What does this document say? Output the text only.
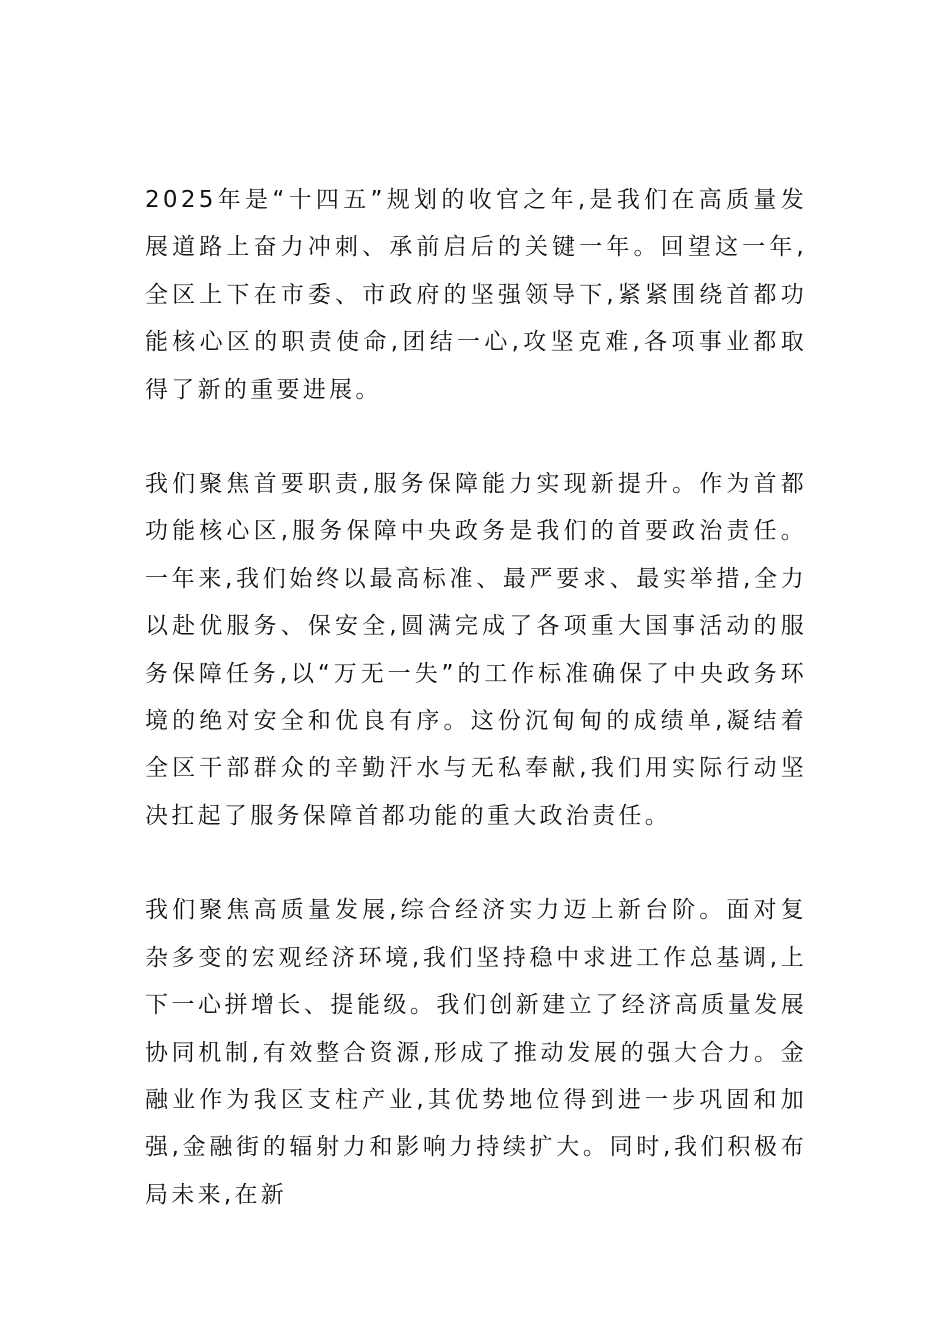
2025年是“十四五”规划的收官之年,是我们在高质量发展道路上奋力冲刺、承前启后的关键一年。回望这一年,全区上下在市委、市政府的坚强领导下,紧紧围绕首都功能核心区的职责使命,团结一心,攻坚克难,各项事业都取得了新的重要进展。

我们聚焦首要职责,服务保障能力实现新提升。作为首都功能核心区,服务保障中央政务是我们的首要政治责任。一年来,我们始终以最高标准、最严要求、最实举措,全力以赴优服务、保安全,圆满完成了各项重大国事活动的服务保障任务,以“万无一失”的工作标准确保了中央政务环境的绝对安全和优良有序。这份沉甸甸的成绩单,凝结着全区干部群众的辛勤汗水与无私奉献,我们用实际行动坚决扛起了服务保障首都功能的重大政治责任。

我们聚焦高质量发展,综合经济实力迈上新台阶。面对复杂多变的宏观经济环境,我们坚持稳中求进工作总基调,上下一心拼增长、提能级。我们创新建立了经济高质量发展协同机制,有效整合资源,形成了推动发展的强大合力。金融业作为我区支柱产业,其优势地位得到进一步巩固和加强,金融街的辐射力和影响力持续扩大。同时,我们积极布局未来,在新
